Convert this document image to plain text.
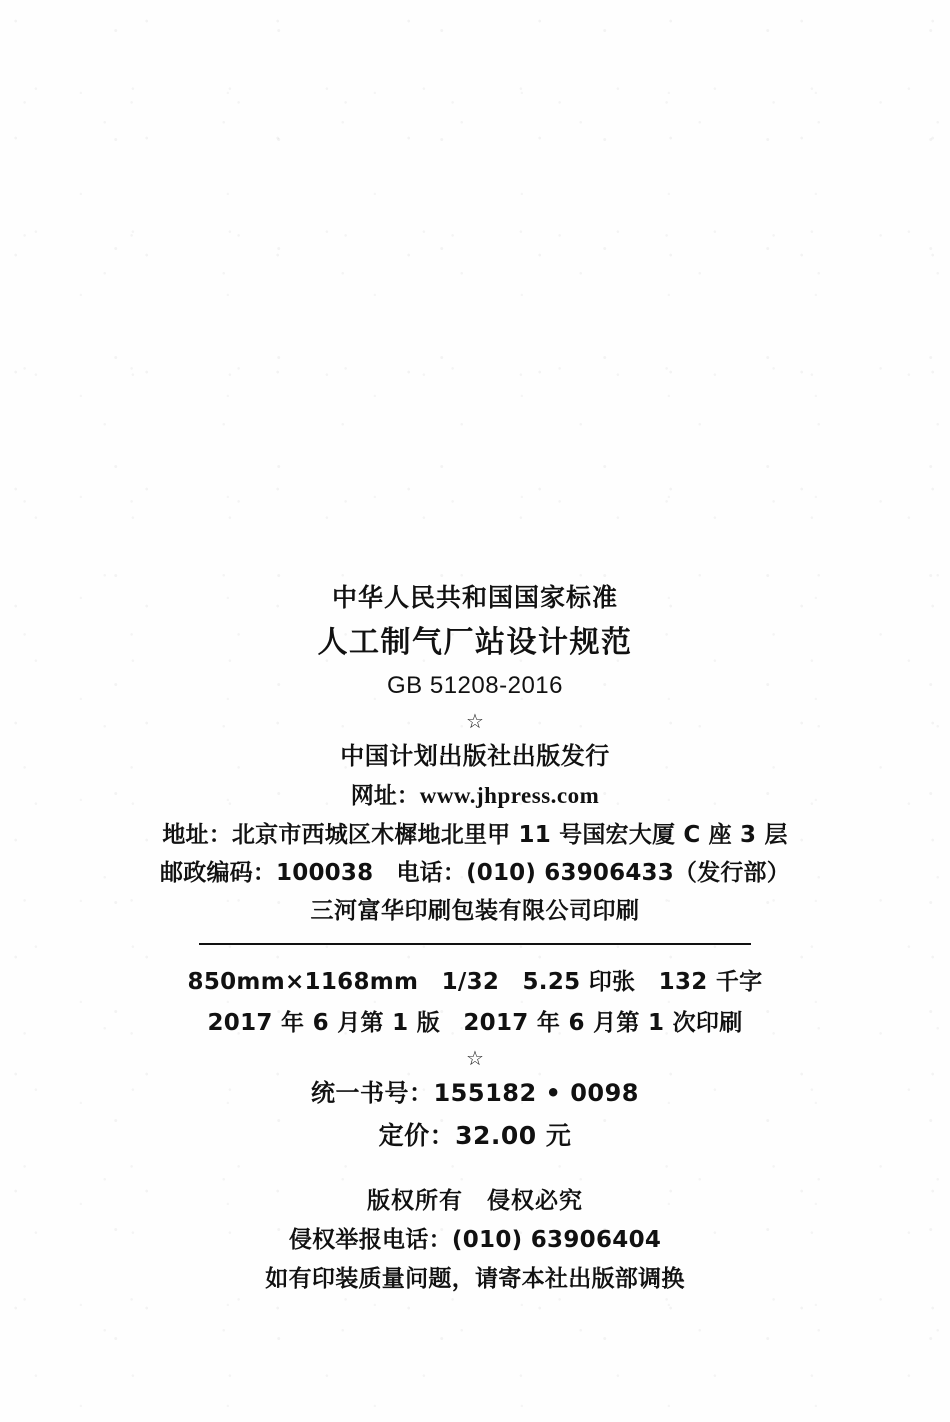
中华人民共和国国家标准
人工制气厂站设计规范
GB 51208-2016
☆
中国计划出版社出版发行
网址：www.jhpress.com
地址：北京市西城区木樨地北里甲 11 号国宏大厦 C 座 3 层
邮政编码：100038　电话：(010) 63906433（发行部）
三河富华印刷包装有限公司印刷
850mm×1168mm　1/32　5.25 印张　132 千字
2017 年 6 月第 1 版　2017 年 6 月第 1 次印刷
☆
统一书号：155182 • 0098
定价：32.00 元
版权所有　侵权必究
侵权举报电话：(010) 63906404
如有印装质量问题，请寄本社出版部调换
